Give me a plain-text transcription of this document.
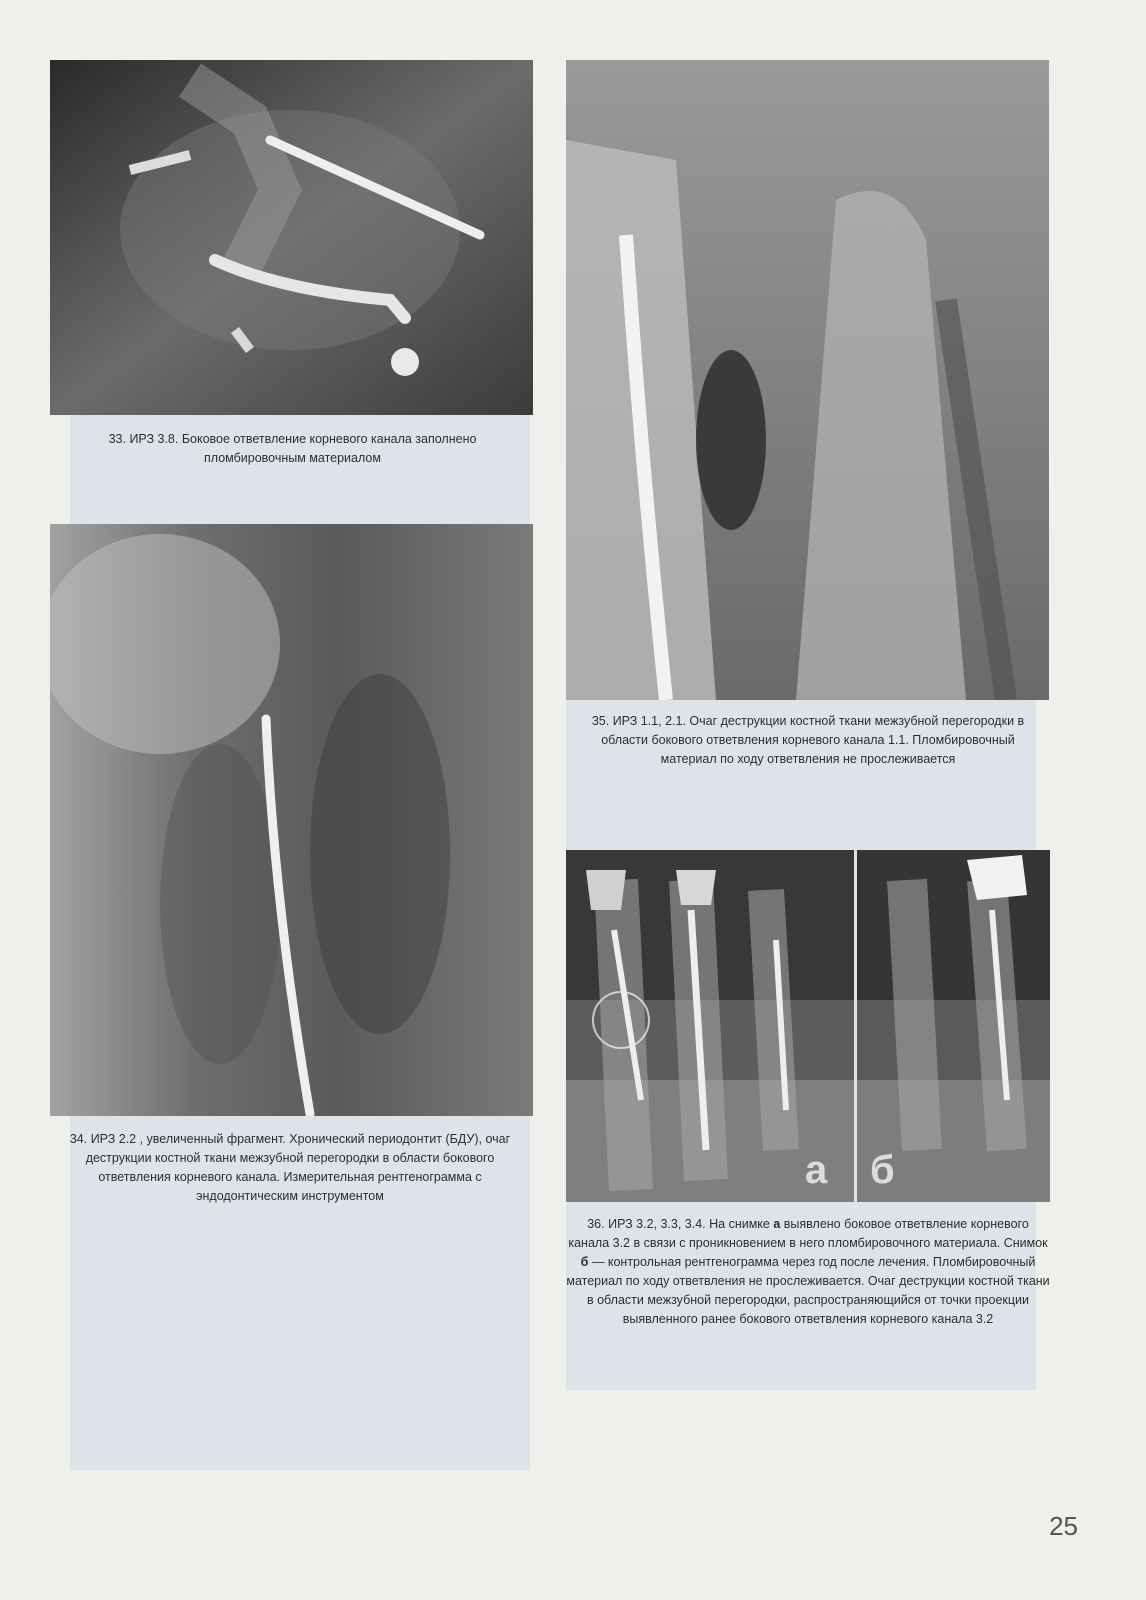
33. ИРЗ 3.8. Боковое ответвление корневого канала заполнено пломбировочным материалом
34. ИРЗ 2.2 , увеличенный фрагмент. Хронический периодонтит (БДУ), очаг деструкции костной ткани межзубной перегородки в области бокового ответвления корневого канала. Измерительная рентгенограмма с эндодонтическим инструментом
35. ИРЗ 1.1, 2.1. Очаг деструкции костной ткани межзубной перегородки в области бокового ответвления корневого канала 1.1. Пломбировочный материал по ходу ответвления не прослеживается
а б
36. ИРЗ 3.2, 3.3, 3.4. На снимке а выявлено боковое ответвление корневого канала 3.2 в связи с проникновением в него пломбировочного материала. Снимок б — контрольная рентгенограмма через год после лечения. Пломбировочный материал по ходу ответвления не прослеживается. Очаг деструкции костной ткани в области межзубной перегородки, распространяющийся от точки проекции выявленного ранее бокового ответвления корневого канала 3.2
25
